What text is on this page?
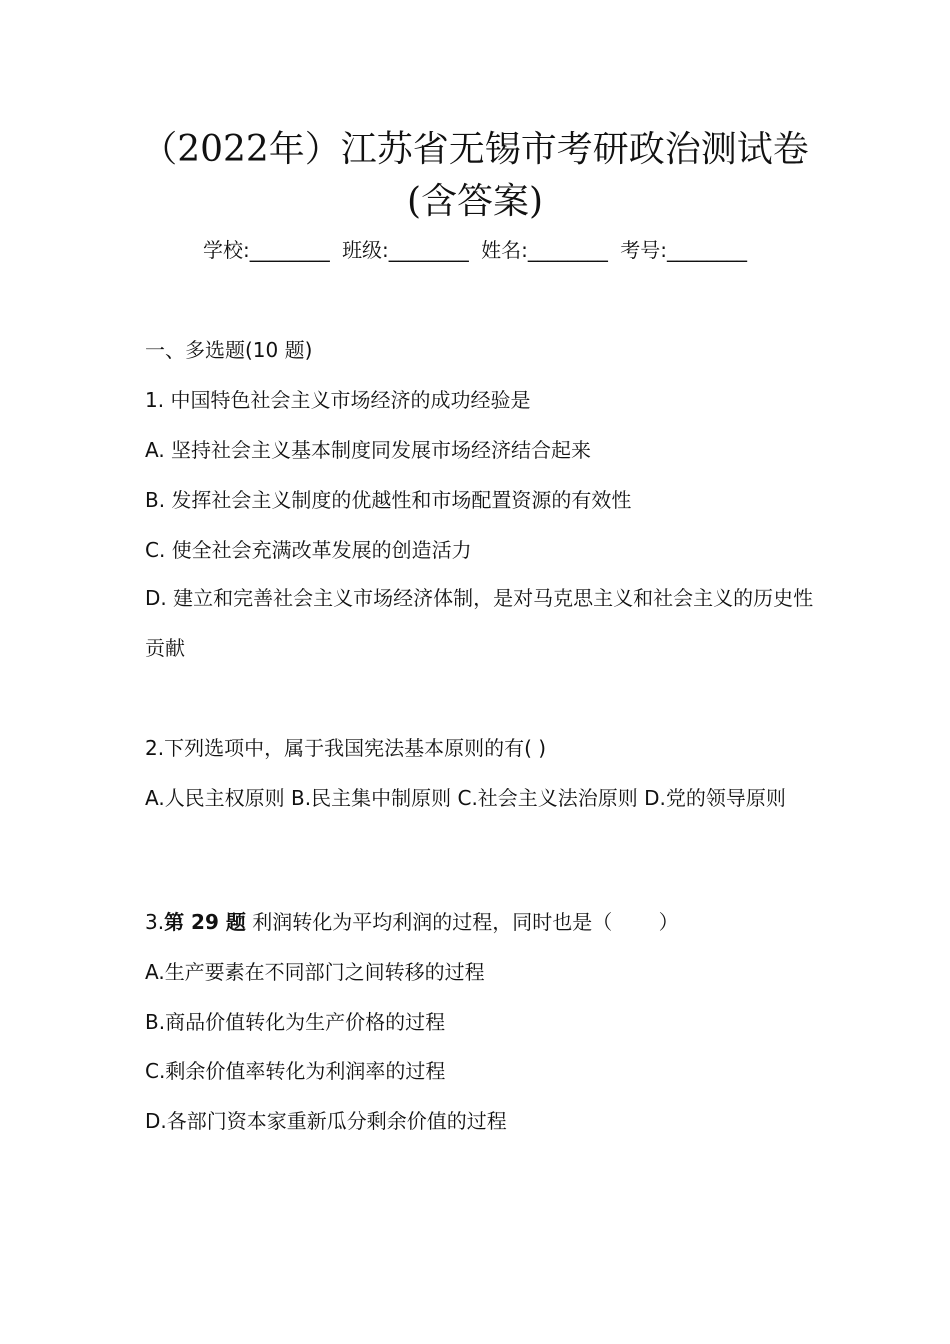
（2022年）江苏省无锡市考研政治测试卷
(含答案)
学校:________ 班级:________ 姓名:________ 考号:________
一、多选题(10 题)
1. 中国特色社会主义市场经济的成功经验是
A. 坚持社会主义基本制度同发展市场经济结合起来
B. 发挥社会主义制度的优越性和市场配置资源的有效性
C. 使全社会充满改革发展的创造活力
D. 建立和完善社会主义市场经济体制，是对马克思主义和社会主义的历史性贡献
2.下列选项中，属于我国宪法基本原则的有( )
A.人民主权原则 B.民主集中制原则 C.社会主义法治原则 D.党的领导原则
3.第 29 题 利润转化为平均利润的过程，同时也是（　　 ）
A.生产要素在不同部门之间转移的过程
B.商品价值转化为生产价格的过程
C.剩余价值率转化为利润率的过程
D.各部门资本家重新瓜分剩余价值的过程
